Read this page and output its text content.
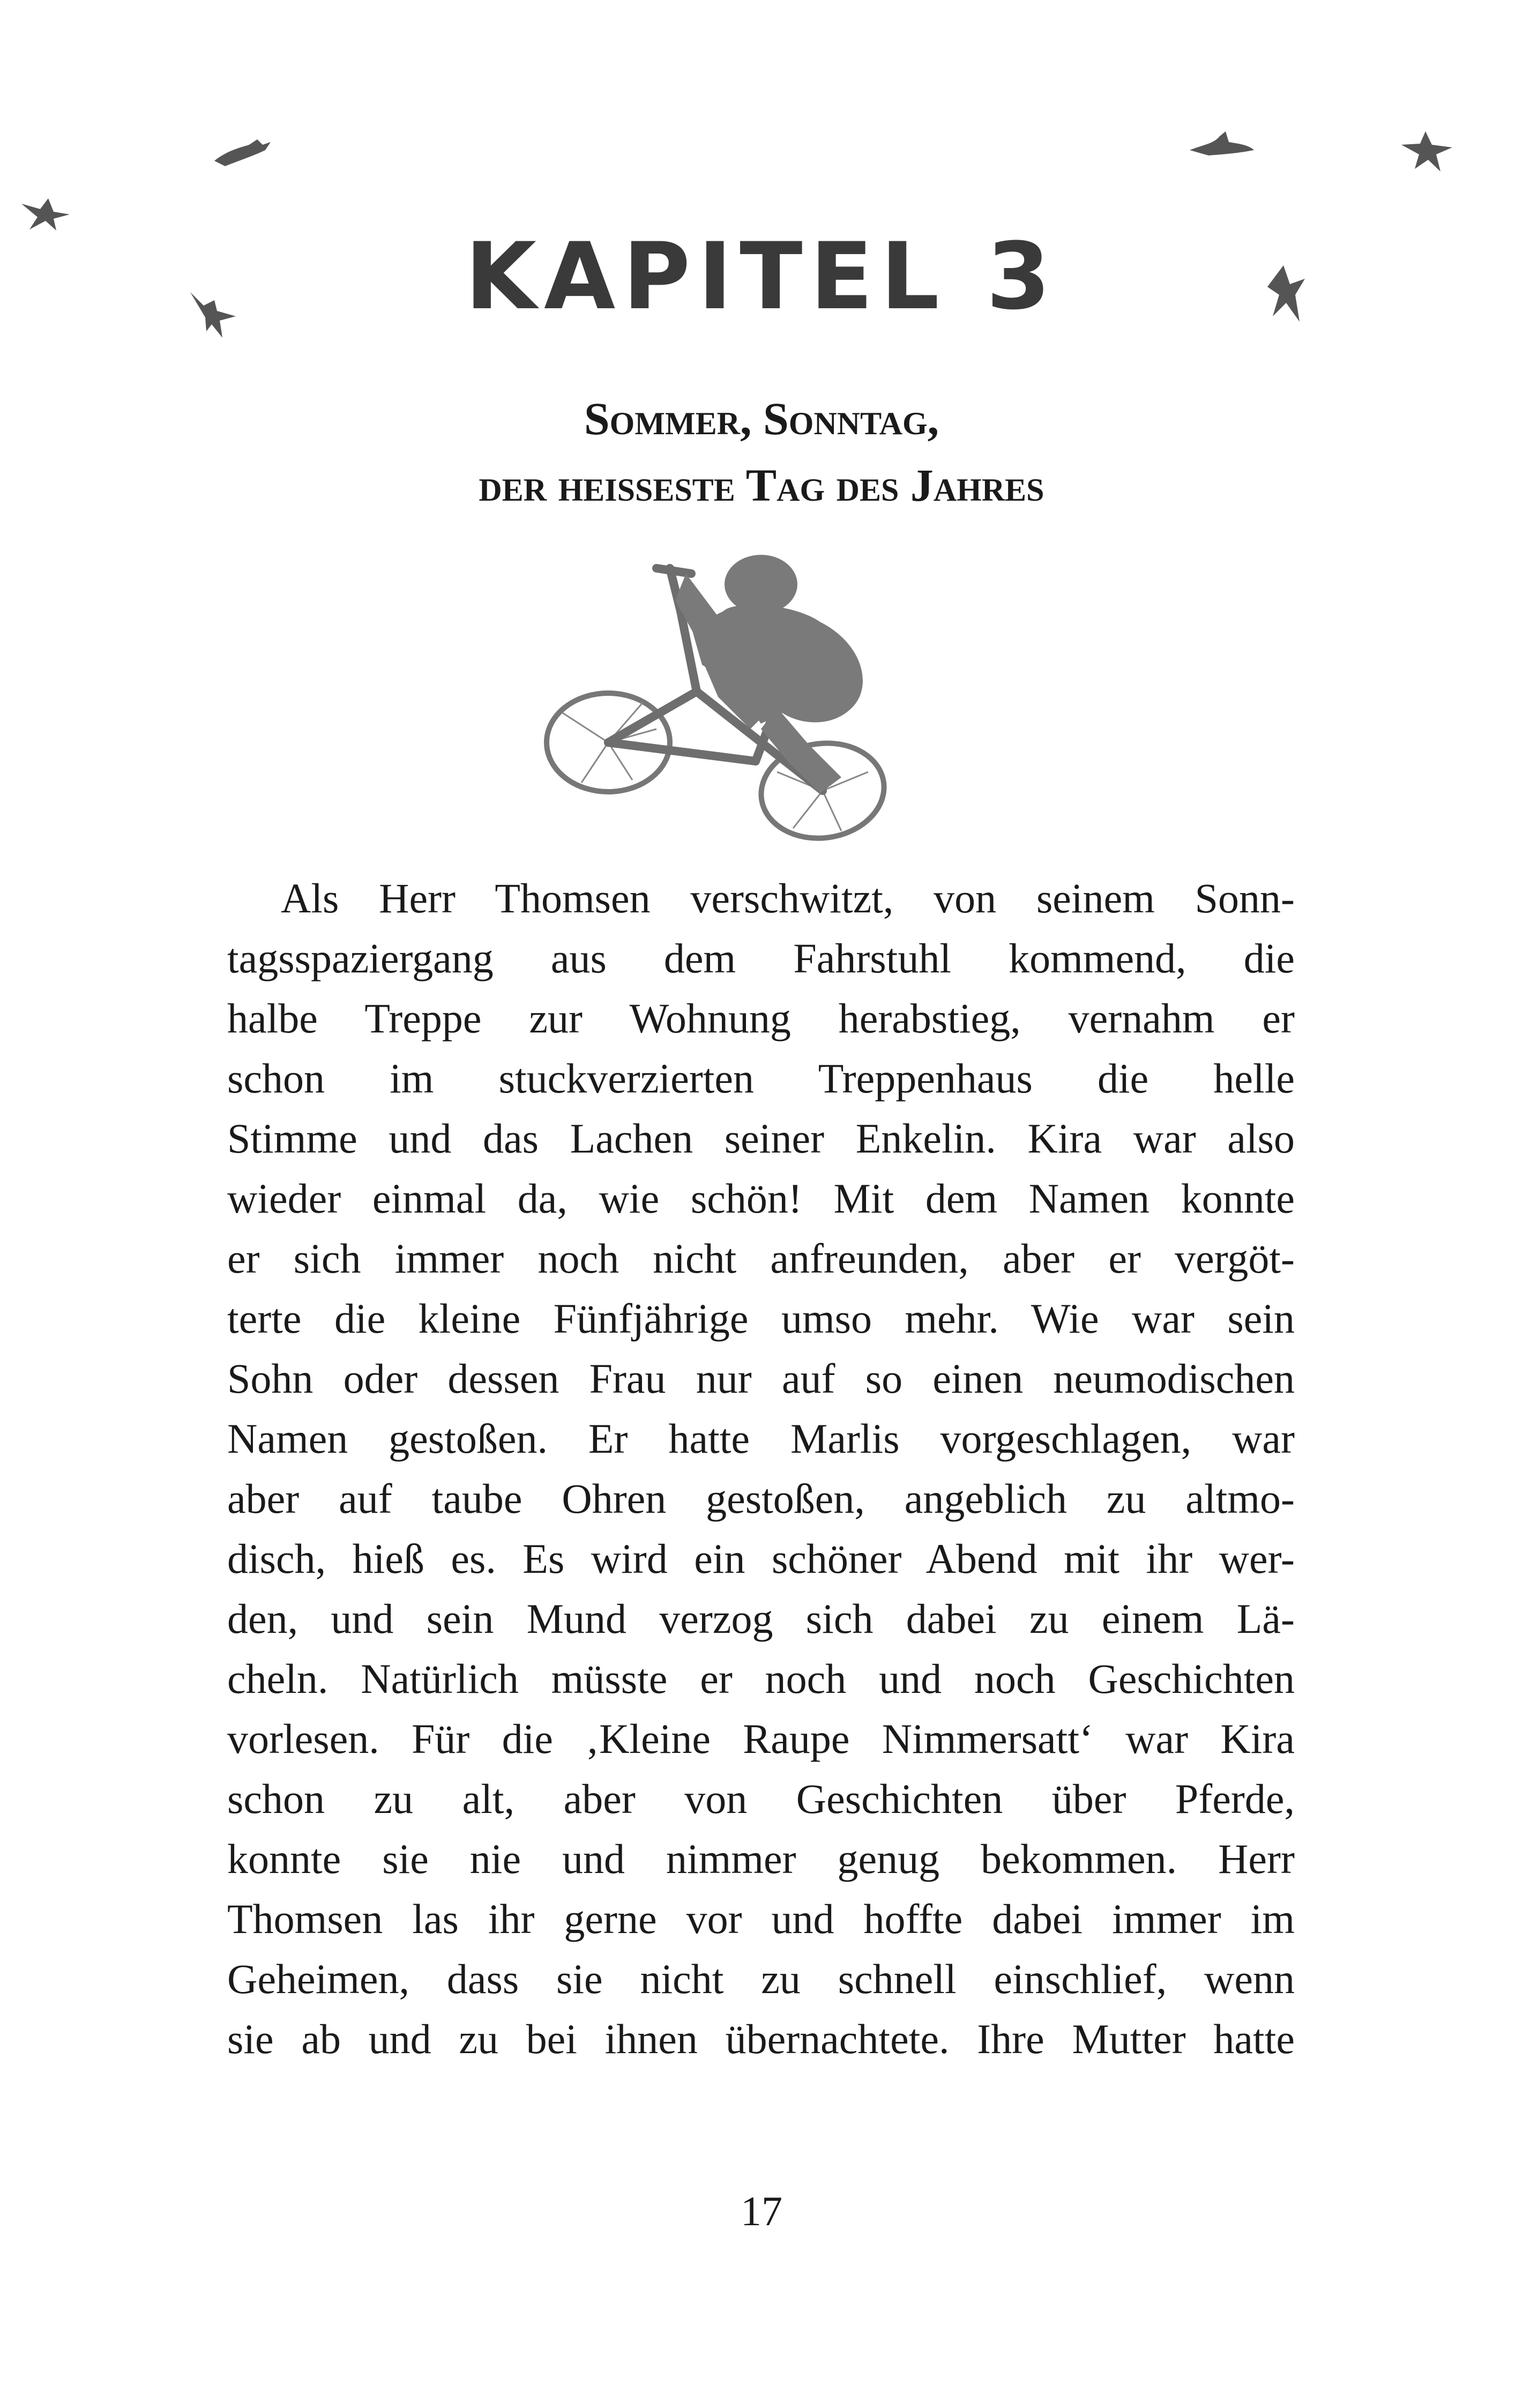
KAPITEL 3
Sommer, Sonntag,
der heißeste Tag des Jahres
Als Herr Thomsen verschwitzt, von seinem Sonn-
tagsspaziergang aus dem Fahrstuhl kommend, die
halbe Treppe zur Wohnung herabstieg, vernahm er
schon im stuckverzierten Treppenhaus die helle
Stimme und das Lachen seiner Enkelin. Kira war also
wieder einmal da, wie schön! Mit dem Namen konnte
er sich immer noch nicht anfreunden, aber er vergöt-
terte die kleine Fünfjährige umso mehr. Wie war sein
Sohn oder dessen Frau nur auf so einen neumodischen
Namen gestoßen. Er hatte Marlis vorgeschlagen, war
aber auf taube Ohren gestoßen, angeblich zu altmo-
disch, hieß es. Es wird ein schöner Abend mit ihr wer-
den, und sein Mund verzog sich dabei zu einem Lä-
cheln. Natürlich müsste er noch und noch Geschichten
vorlesen. Für die ‚Kleine Raupe Nimmersatt‘ war Kira
schon zu alt, aber von Geschichten über Pferde,
konnte sie nie und nimmer genug bekommen. Herr
Thomsen las ihr gerne vor und hoffte dabei immer im
Geheimen, dass sie nicht zu schnell einschlief, wenn
sie ab und zu bei ihnen übernachtete. Ihre Mutter hatte
17
